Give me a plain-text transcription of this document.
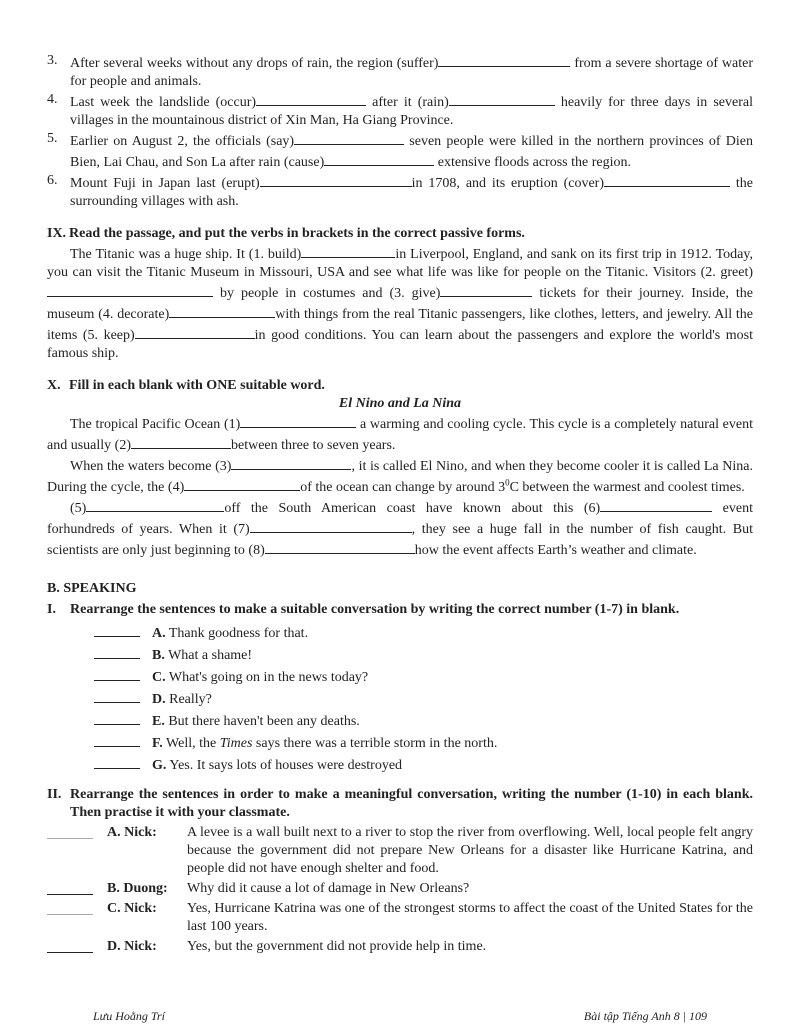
3. After several weeks without any drops of rain, the region (suffer)	from a severe shortage of water for people and animals.
4. Last week the landslide (occur)	after it (rain)	heavily for three days in several villages in the mountainous district of Xin Man, Ha Giang Province.
5. Earlier on August 2, the officials (say)	seven people were killed in the northern provinces of Dien Bien, Lai Chau, and Son La after rain (cause)	extensive floods across the region.
6. Mount Fuji in Japan last (erupt)	in 1708, and its eruption (cover)	the surrounding villages with ash.
IX. Read the passage, and put the verbs in brackets in the correct passive forms.
The Titanic was a huge ship. It (1. build)	in Liverpool, England, and sank on its first trip in 1912. Today, you can visit the Titanic Museum in Missouri, USA and see what life was like for people on the Titanic. Visitors (2. greet) by people in costumes and (3. give)	tickets for their journey. Inside, the museum (4. decorate)	with things from the real Titanic passengers, like clothes, letters, and jewelry. All the items (5. keep)	in good conditions. You can learn about the passengers and explore the world's most famous ship.
X. Fill in each blank with ONE suitable word.
El Nino and La Nina
The tropical Pacific Ocean (1)	a warming and cooling cycle. This cycle is a completely natural event and usually (2)	between three to seven years.
When the waters become (3)	, it is called El Nino, and when they become cooler it is called La Nina. During the cycle, the (4)	of the ocean can change by around $3^0C$ between the warmest and coolest times.
(5)	off the South American coast have known about this (6)	event forhundreds of years. When it (7)	, they see a huge fall in the number of fish caught. But scientists are only just beginning to (8)	how the event affects Earth’s weather and climate.
B. SPEAKING
I. Rearrange the sentences to make a suitable conversation by writing the correct number (1-7) in blank.
A. Thank goodness for that.
B. What a shame!
C. What's going on in the news today?
D. Really?
E. But there haven't been any deaths.
F. Well, the Times says there was a terrible storm in the north.
G. Yes. It says lots of houses were destroyed
II. Rearrange the sentences in order to make a meaningful conversation, writing the number (1-10) in each blank. Then practise it with your classmate.
A. Nick:	A levee is a wall built next to a river to stop the river from overflowing. Well, local people felt angry because the government did not prepare New Orleans for a disaster like Hurricane Katrina, and people did not have enough shelter and food.
B. Duong:	Why did it cause a lot of damage in New Orleans?
C. Nick:	Yes, Hurricane Katrina was one of the strongest storms to affect the coast of the United States for the last 100 years.
D. Nick:	Yes, but the government did not provide help in time.
Lưu Hoằng Trí	Bài tập Tiếng Anh 8 | 109
